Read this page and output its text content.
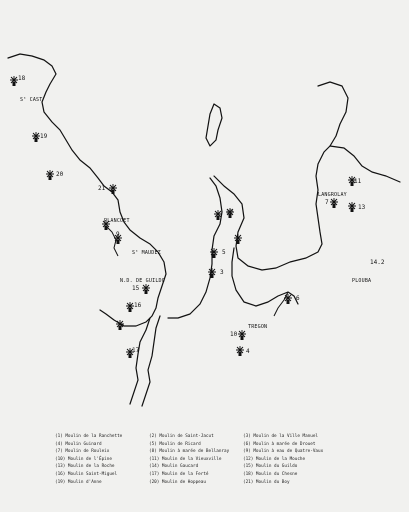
18
19
20
21
9
15
16
17
12
5
3
11
7
13
6
10
4
14.2
Sᵗ CAST
PLANCOET
Sᵗ MAUDEZ
N.D. DE GUILDO
LANGROLAY
TREGON
PLOUBA
(1) Moulin de la Ranchette
(4) Moulin Guinard
(7) Moulin de Rouleix
(10) Moulin de l'Épine
(13) Moulin de la Roche
(16) Moulin Saint-Miguel
(19) Moulin d'Anne
(2) Moulin de Saint-Jacut
(5) Moulin de Ricard
(8) Moulin à marée de Bellanray
(11) Moulin de la Vieuxville
(14) Moulin Gaucard
(17) Moulin de la Ferté
(20) Moulin de Hoppeau
(3) Moulin de la Ville Manuel
(6) Moulin à marée de Drouet
(9) Moulin à eau de Quatre-Vaux
(12) Moulin de la Mouche
(15) Moulin du Guildo
(18) Moulin du Chesne
(21) Moulin du Boy
